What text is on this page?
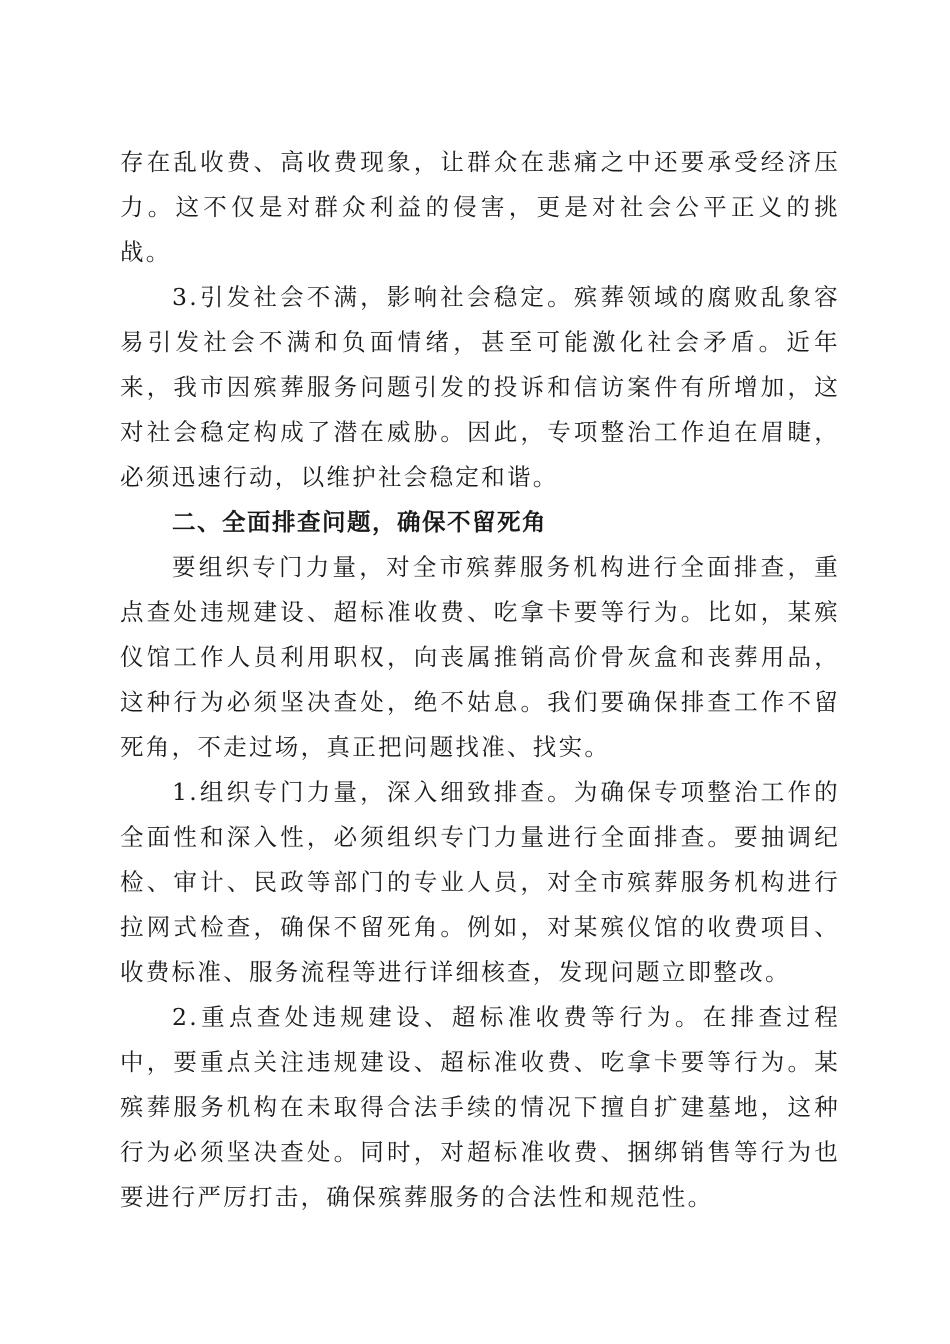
存在乱收费、高收费现象，让群众在悲痛之中还要承受经济压力。这不仅是对群众利益的侵害，更是对社会公平正义的挑战。

3.引发社会不满，影响社会稳定。殡葬领域的腐败乱象容易引发社会不满和负面情绪，甚至可能激化社会矛盾。近年来，我市因殡葬服务问题引发的投诉和信访案件有所增加，这对社会稳定构成了潜在威胁。因此，专项整治工作迫在眉睫，必须迅速行动，以维护社会稳定和谐。

二、全面排查问题，确保不留死角

要组织专门力量，对全市殡葬服务机构进行全面排查，重点查处违规建设、超标准收费、吃拿卡要等行为。比如，某殡仪馆工作人员利用职权，向丧属推销高价骨灰盒和丧葬用品，这种行为必须坚决查处，绝不姑息。我们要确保排查工作不留死角，不走过场，真正把问题找准、找实。

1.组织专门力量，深入细致排查。为确保专项整治工作的全面性和深入性，必须组织专门力量进行全面排查。要抽调纪检、审计、民政等部门的专业人员，对全市殡葬服务机构进行拉网式检查，确保不留死角。例如，对某殡仪馆的收费项目、收费标准、服务流程等进行详细核查，发现问题立即整改。

2.重点查处违规建设、超标准收费等行为。在排查过程中，要重点关注违规建设、超标准收费、吃拿卡要等行为。某殡葬服务机构在未取得合法手续的情况下擅自扩建墓地，这种行为必须坚决查处。同时，对超标准收费、捆绑销售等行为也要进行严厉打击，确保殡葬服务的合法性和规范性。
